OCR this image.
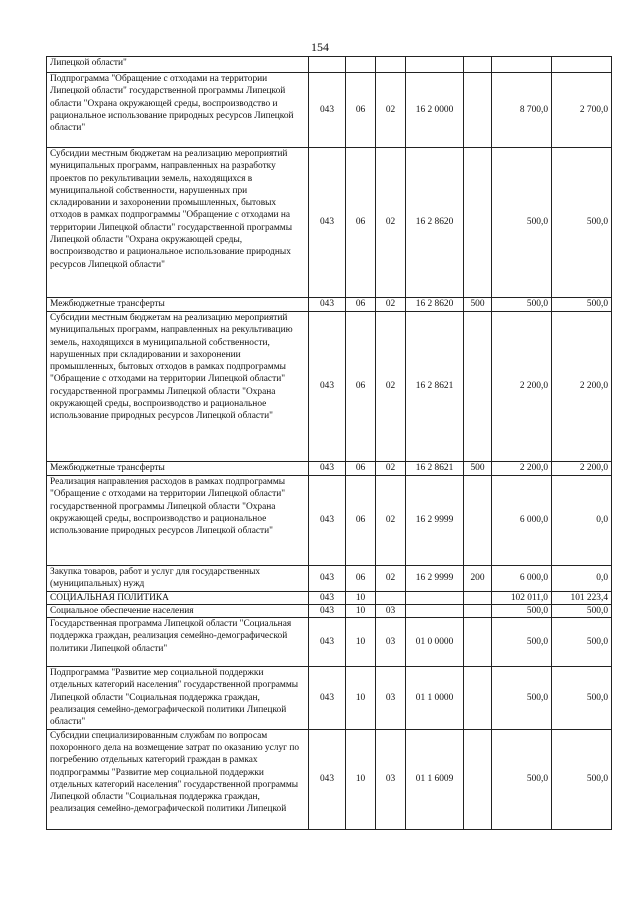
154
Липецкой области"							
Подпрограмма "Обращение с отходами на территории Липецкой области" государственной программы Липецкой области "Охрана окружающей среды, воспроизводство и рациональное использование природных ресурсов Липецкой области"	043	06	02	16 2 0000		8 700,0	2 700,0
Субсидии местным бюджетам на реализацию мероприятий муниципальных программ, направленных на разработку проектов по рекультивации земель, находящихся в муниципальной собственности, нарушенных при складировании и захоронении промышленных, бытовых отходов в рамках подпрограммы "Обращение с отходами на территории Липецкой области" государственной программы Липецкой области "Охрана окружающей среды, воспроизводство и рациональное использование природных ресурсов Липецкой области"	043	06	02	16 2 8620		500,0	500,0
Межбюджетные трансферты	043	06	02	16 2 8620	500	500,0	500,0
Субсидии местным бюджетам на реализацию мероприятий муниципальных программ, направленных на рекультивацию земель, находящихся в муниципальной собственности, нарушенных при складировании и захоронении промышленных, бытовых отходов в рамках подпрограммы "Обращение с отходами на территории Липецкой области" государственной программы Липецкой области "Охрана окружающей среды, воспроизводство и рациональное использование природных ресурсов Липецкой области"	043	06	02	16 2 8621		2 200,0	2 200,0
Межбюджетные трансферты	043	06	02	16 2 8621	500	2 200,0	2 200,0
Реализация направления расходов в рамках подпрограммы "Обращение с отходами на территории Липецкой области" государственной программы Липецкой области "Охрана окружающей среды, воспроизводство и рациональное использование природных ресурсов Липецкой области"	043	06	02	16 2 9999		6 000,0	0,0
Закупка товаров, работ и услуг для государственных (муниципальных) нужд	043	06	02	16 2 9999	200	6 000,0	0,0
СОЦИАЛЬНАЯ ПОЛИТИКА	043	10				102 011,0	101 223,4
Социальное обеспечение населения	043	10	03			500,0	500,0
Государственная программа Липецкой области "Социальная поддержка граждан, реализация семейно-демографической политики Липецкой области"	043	10	03	01 0 0000		500,0	500,0
Подпрограмма "Развитие мер социальной поддержки отдельных категорий населения" государственной программы Липецкой области "Социальная поддержка граждан, реализация семейно-демографической политики Липецкой области"	043	10	03	01 1 0000		500,0	500,0
Субсидии специализированным службам по вопросам похоронного дела на возмещение затрат по оказанию услуг по погребению отдельных категорий граждан в рамках подпрограммы "Развитие мер социальной поддержки отдельных категорий населения" государственной программы Липецкой области "Социальная поддержка граждан, реализация семейно-демографической политики Липецкой	043	10	03	01 1 6009		500,0	500,0
